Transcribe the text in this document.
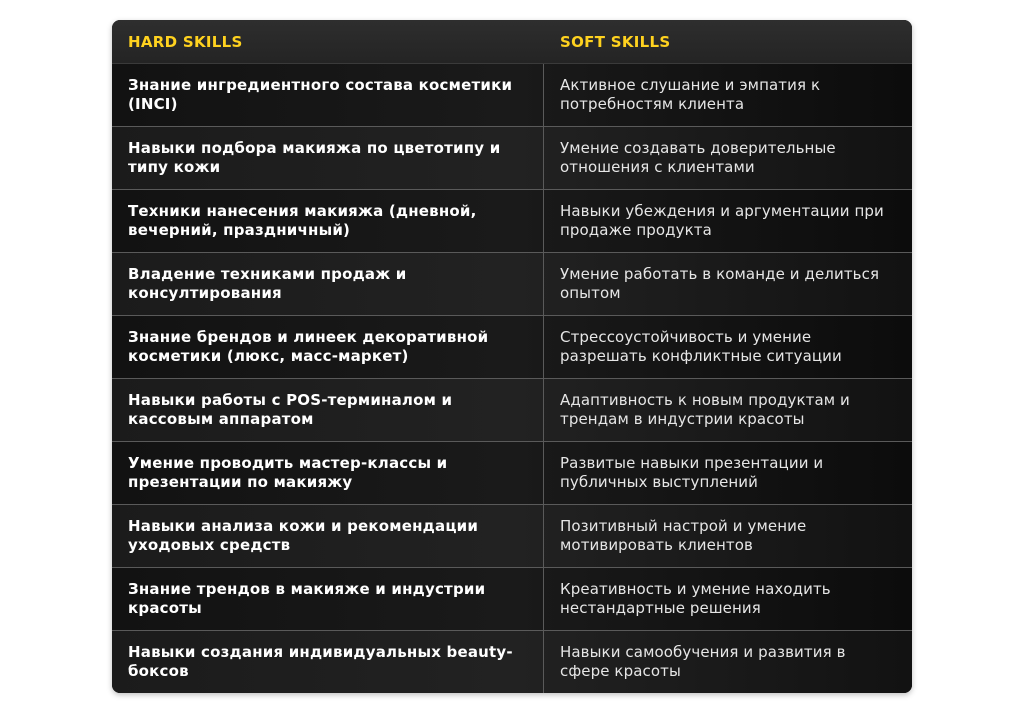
HARD SKILLS	SOFT SKILLS
Знание ингредиентного состава косметики (INCI)
Активное слушание и эмпатия к потребностям клиента
Навыки подбора макияжа по цветотипу и типу кожи
Умение создавать доверительные отношения с клиентами
Техники нанесения макияжа (дневной, вечерний, праздничный)
Навыки убеждения и аргументации при продаже продукта
Владение техниками продаж и консултирования
Умение работать в команде и делиться опытом
Знание брендов и линеек декоративной косметики (люкс, масс-маркет)
Стрессоустойчивость и умение разрешать конфликтные ситуации
Навыки работы с POS-терминалом и кассовым аппаратом
Адаптивность к новым продуктам и трендам в индустрии красоты
Умение проводить мастер-классы и презентации по макияжу
Развитые навыки презентации и публичных выступлений
Навыки анализа кожи и рекомендации уходовых средств
Позитивный настрой и умение мотивировать клиентов
Знание трендов в макияже и индустрии красоты
Креативность и умение находить нестандартные решения
Навыки создания индивидуальных beauty-боксов
Навыки самообучения и развития в сфере красоты
